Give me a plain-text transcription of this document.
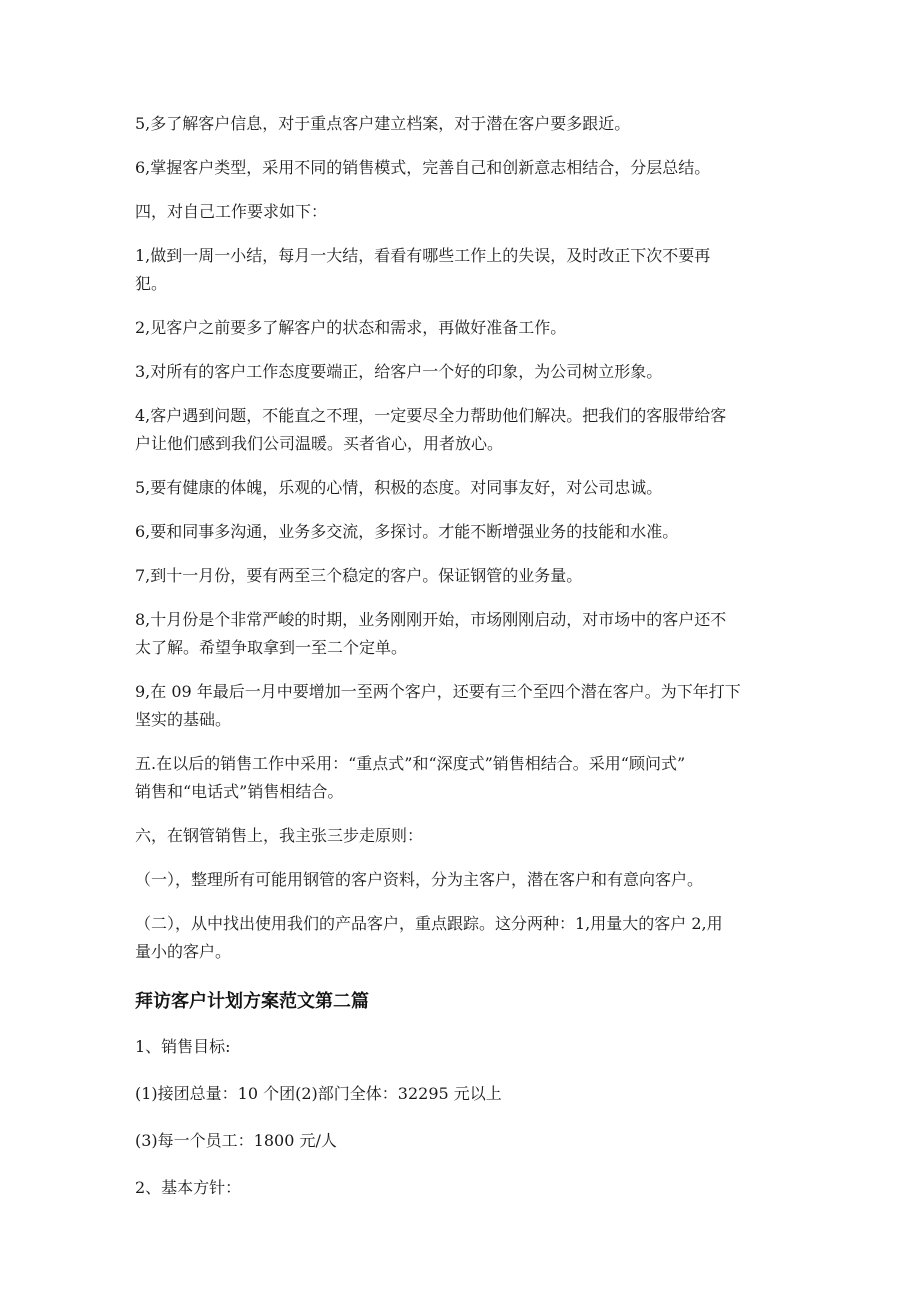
5,多了解客户信息，对于重点客户建立档案，对于潜在客户要多跟近。

6,掌握客户类型，采用不同的销售模式，完善自己和创新意志相结合，分层总结。

四，对自己工作要求如下：

1,做到一周一小结，每月一大结，看看有哪些工作上的失误，及时改正下次不要再
犯。

2,见客户之前要多了解客户的状态和需求，再做好准备工作。

3,对所有的客户工作态度要端正，给客户一个好的印象，为公司树立形象。

4,客户遇到问题，不能直之不理，一定要尽全力帮助他们解决。把我们的客服带给客
户让他们感到我们公司温暖。买者省心，用者放心。

5,要有健康的体魄，乐观的心情，积极的态度。对同事友好，对公司忠诚。

6,要和同事多沟通，业务多交流，多探讨。才能不断增强业务的技能和水准。

7,到十一月份，要有两至三个稳定的客户。保证钢管的业务量。

8,十月份是个非常严峻的时期，业务刚刚开始，市场刚刚启动，对市场中的客户还不
太了解。希望争取拿到一至二个定单。

9,在 09 年最后一月中要增加一至两个客户，还要有三个至四个潜在客户。为下年打下
坚实的基础。

五.在以后的销售工作中采用：“重点式”和“深度式”销售相结合。采用“顾问式”
销售和“电话式”销售相结合。

六，在钢管销售上，我主张三步走原则：

（一），整理所有可能用钢管的客户资料，分为主客户，潜在客户和有意向客户。

（二），从中找出使用我们的产品客户，重点跟踪。这分两种：1,用量大的客户 2,用
量小的客户。

拜访客户计划方案范文第二篇

1、销售目标:

(1)接团总量：10 个团(2)部门全体：32295 元以上

(3)每一个员工：1800 元/人

2、基本方针：
